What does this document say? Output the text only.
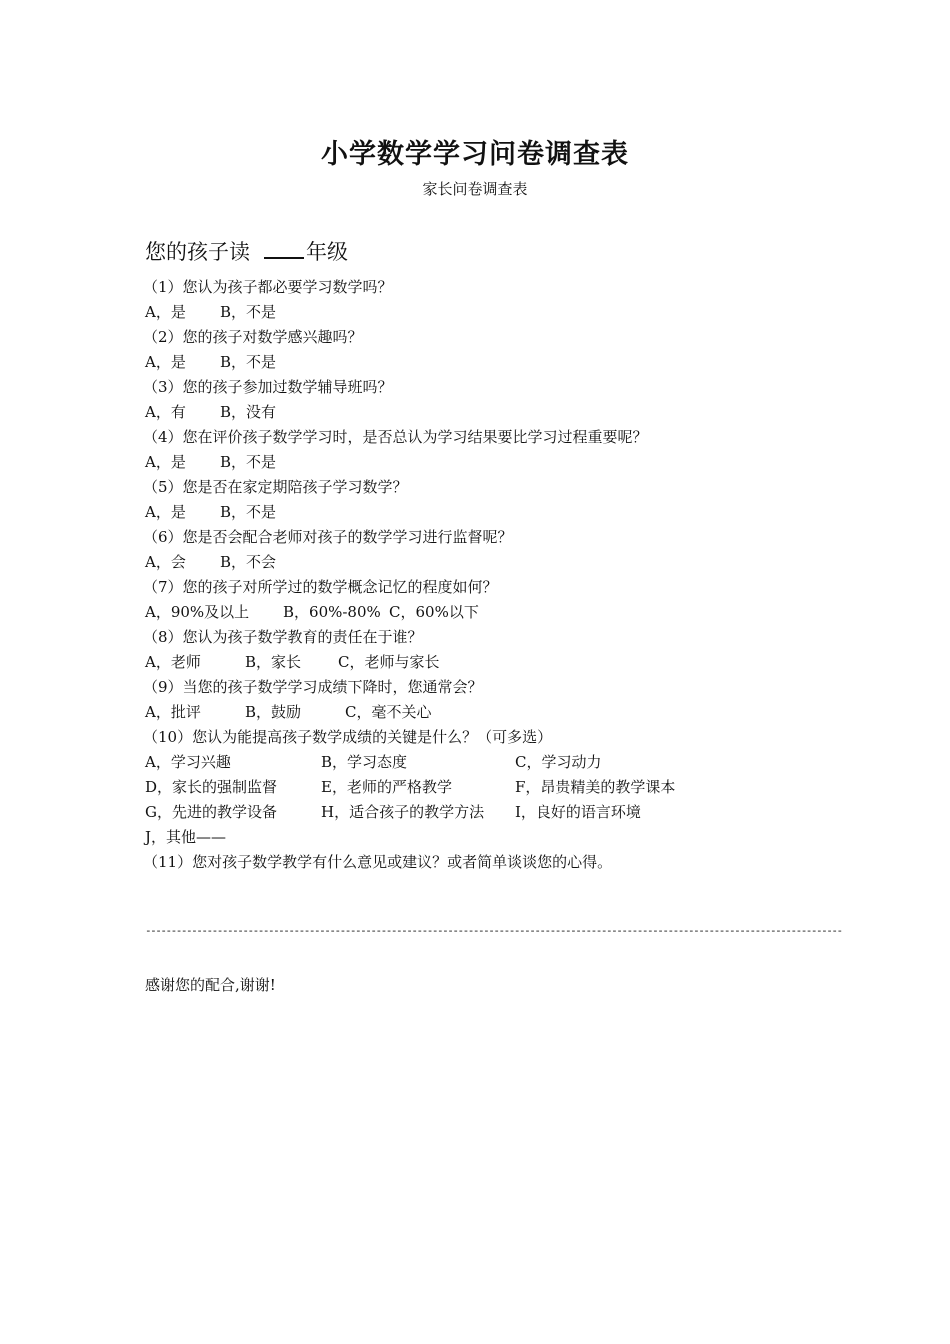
小学数学学习问卷调查表
家长问卷调查表
您的孩子读	年级
（1）您认为孩子都必要学习数学吗？
A，是 B，不是
（2）您的孩子对数学感兴趣吗？
A，是 B，不是
（3）您的孩子参加过数学辅导班吗？
A，有 B，没有
（4）您在评价孩子数学学习时，是否总认为学习结果要比学习过程重要呢？
A，是 B，不是
（5）您是否在家定期陪孩子学习数学？
A，是 B，不是
（6）您是否会配合老师对孩子的数学学习进行监督呢？
A，会 B，不会
（7）您的孩子对所学过的数学概念记忆的程度如何？
A，90%及以上 B，60%-80% C，60%以下
（8）您认为孩子数学教育的责任在于谁？
A，老师	B，家长 C，老师与家长
（9）当您的孩子数学学习成绩下降时，您通常会？
A，批评	B，鼓励	C，毫不关心
（10）您认为能提高孩子数学成绩的关键是什么？（可多选）
A，学习兴趣	B，学习态度	C，学习动力
D，家长的强制监督	E，老师的严格教学	F，昂贵精美的教学课本
G，先进的教学设备	H，适合孩子的教学方法 I，良好的语言环境
J，其他——
（11）您对孩子数学教学有什么意见或建议？或者简单谈谈您的心得。
----------------------------------------------------------------------------------------------------------------------------------------
感谢您的配合,谢谢!
